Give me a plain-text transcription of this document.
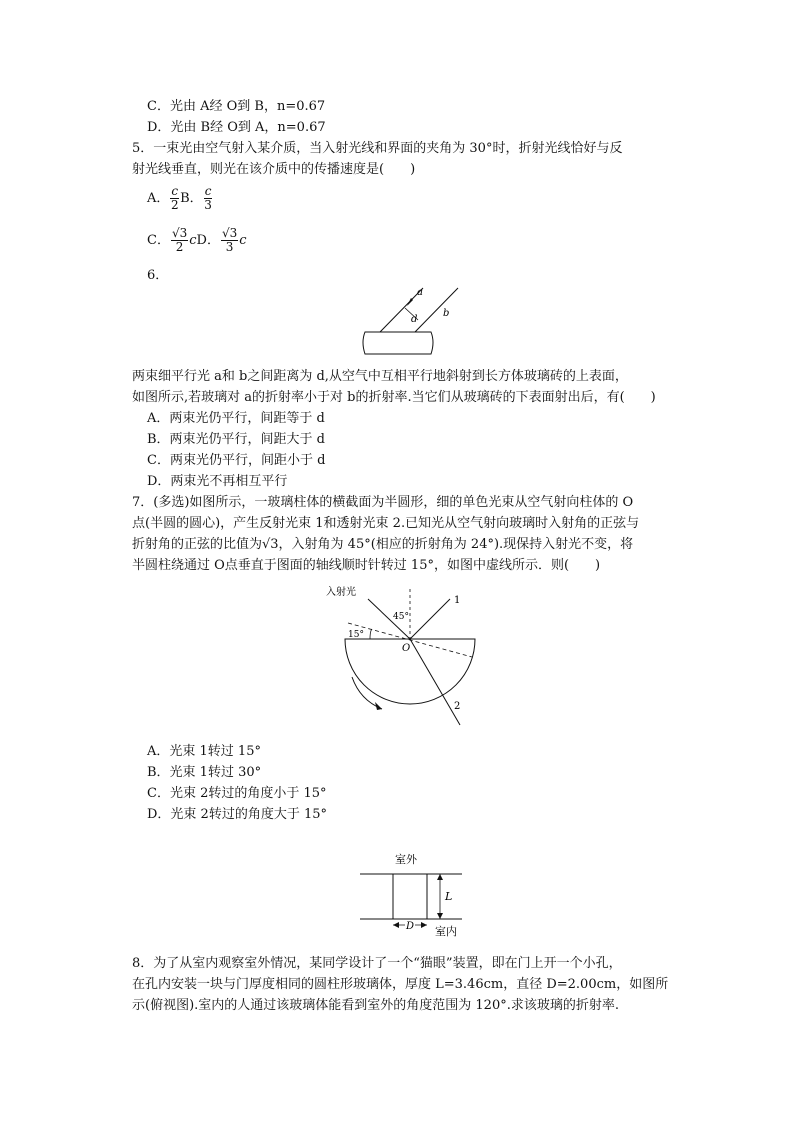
C．光由 A经 O到 B，n=0.67
D．光由 B经 O到 A，n=0.67
5．一束光由空气射入某介质，当入射光线和界面的夹角为 30°时，折射光线恰好与反
射光线垂直，则光在该介质中的传播速度是(　　)
A． $\frac{c}{2}$ B． $\frac{c}{3}$
C． $\frac{√3}{2}$ cD． $\frac{√3}{3}$ c
6．
a
b
d
两束细平行光 a和 b之间距离为 d,从空气中互相平行地斜射到长方体玻璃砖的上表面，
如图所示,若玻璃对 a的折射率小于对 b的折射率.当它们从玻璃砖的下表面射出后，有(　　)
A．两束光仍平行，间距等于 d
B．两束光仍平行，间距大于 d
C．两束光仍平行，间距小于 d
D．两束光不再相互平行
7．(多选)如图所示，一玻璃柱体的横截面为半圆形，细的单色光束从空气射向柱体的 O
点(半圆的圆心)，产生反射光束 1和透射光束 2.已知光从空气射向玻璃时入射角的正弦与
折射角的正弦的比值为√3，入射角为 45°(相应的折射角为 24°).现保持入射光不变，将
半圆柱绕通过 O点垂直于图面的轴线顺时针转过 15°，如图中虚线所示．则(　　)
入射光
45°
15°
O
1
2
A．光束 1转过 15°
B．光束 1转过 30°
C．光束 2转过的角度小于 15°
D．光束 2转过的角度大于 15°
室外
室内
L
D
8．为了从室内观察室外情况，某同学设计了一个“猫眼”装置，即在门上开一个小孔，
在孔内安装一块与门厚度相同的圆柱形玻璃体，厚度 L=3.46cm，直径 D=2.00cm，如图所
示(俯视图).室内的人通过该玻璃体能看到室外的角度范围为 120°.求该玻璃的折射率.
